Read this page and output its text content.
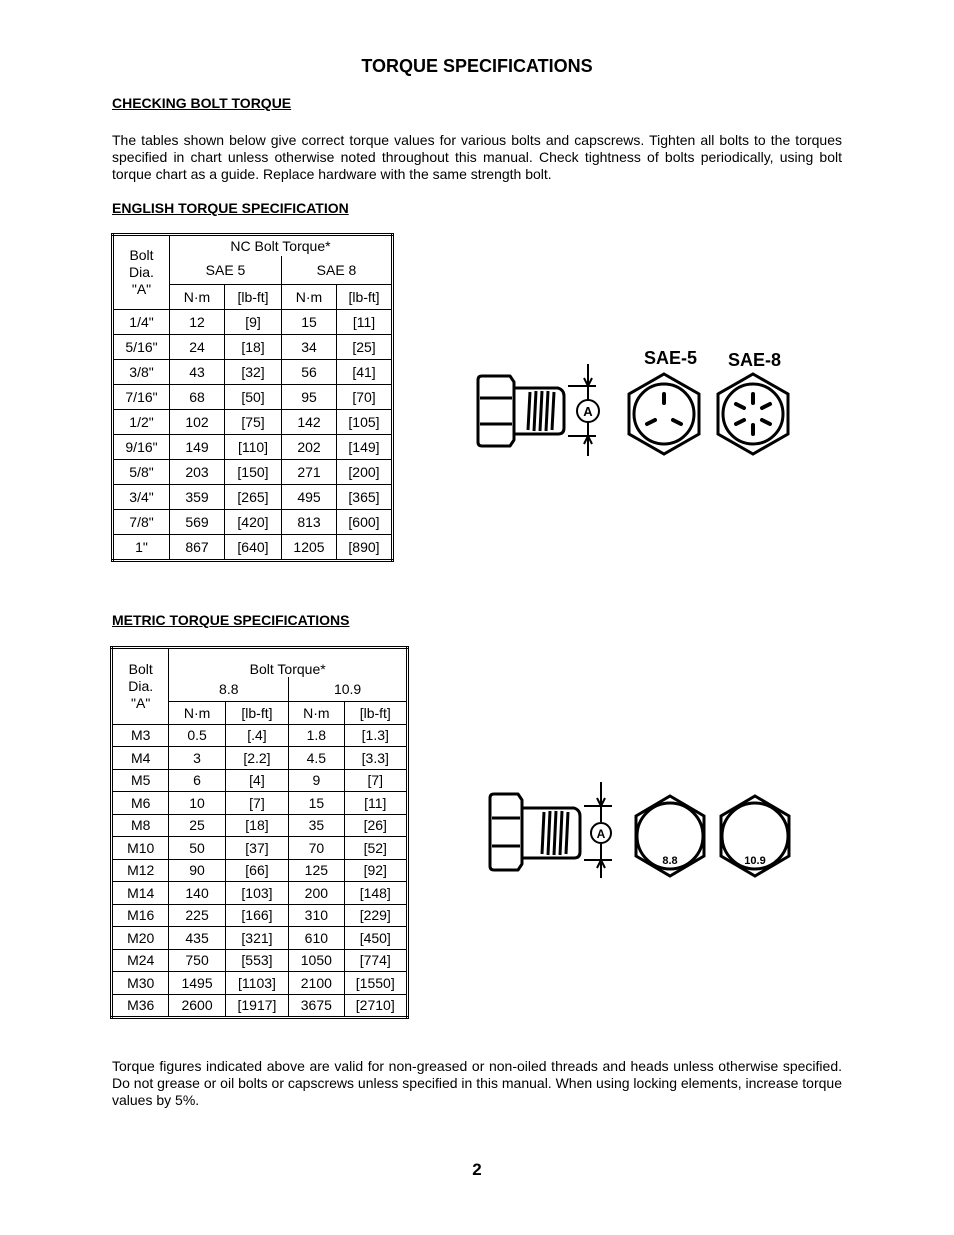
TORQUE SPECIFICATIONS
CHECKING BOLT TORQUE
The tables shown below give correct torque values for various bolts and capscrews. Tighten all bolts to the torques specified in chart unless otherwise noted throughout this manual. Check tightness of bolts periodically, using bolt torque chart as a guide. Replace hardware with the same strength bolt.
ENGLISH TORQUE SPECIFICATION
Bolt Dia. "A"	NC Bolt Torque*			
	SAE 5		SAE 8	
	N·m	[lb-ft]	N·m	[lb-ft]
1/4"	12	[9]	15	[11]
5/16"	24	[18]	34	[25]
3/8"	43	[32]	56	[41]
7/16"	68	[50]	95	[70]
1/2"	102	[75]	142	[105]
9/16"	149	[110]	202	[149]
5/8"	203	[150]	271	[200]
3/4"	359	[265]	495	[365]
7/8"	569	[420]	813	[600]
1"	867	[640]	1205	[890]
A
SAE-5 SAE-8
METRIC TORQUE SPECIFICATIONS
Bolt Dia. "A"	Bolt Torque*			
	8.8		10.9	
	N·m	[lb-ft]	N·m	[lb-ft]
M3	0.5	[.4]	1.8	[1.3]
M4	3	[2.2]	4.5	[3.3]
M5	6	[4]	9	[7]
M6	10	[7]	15	[11]
M8	25	[18]	35	[26]
M10	50	[37]	70	[52]
M12	90	[66]	125	[92]
M14	140	[103]	200	[148]
M16	225	[166]	310	[229]
M20	435	[321]	610	[450]
M24	750	[553]	1050	[774]
M30	1495	[1103]	2100	[1550]
M36	2600	[1917]	3675	[2710]
A
8.8	10.9
Torque figures indicated above are valid for non-greased or non-oiled threads and heads unless otherwise specified. Do not grease or oil bolts or capscrews unless specified in this manual. When using locking elements, increase torque values by 5%.
2
